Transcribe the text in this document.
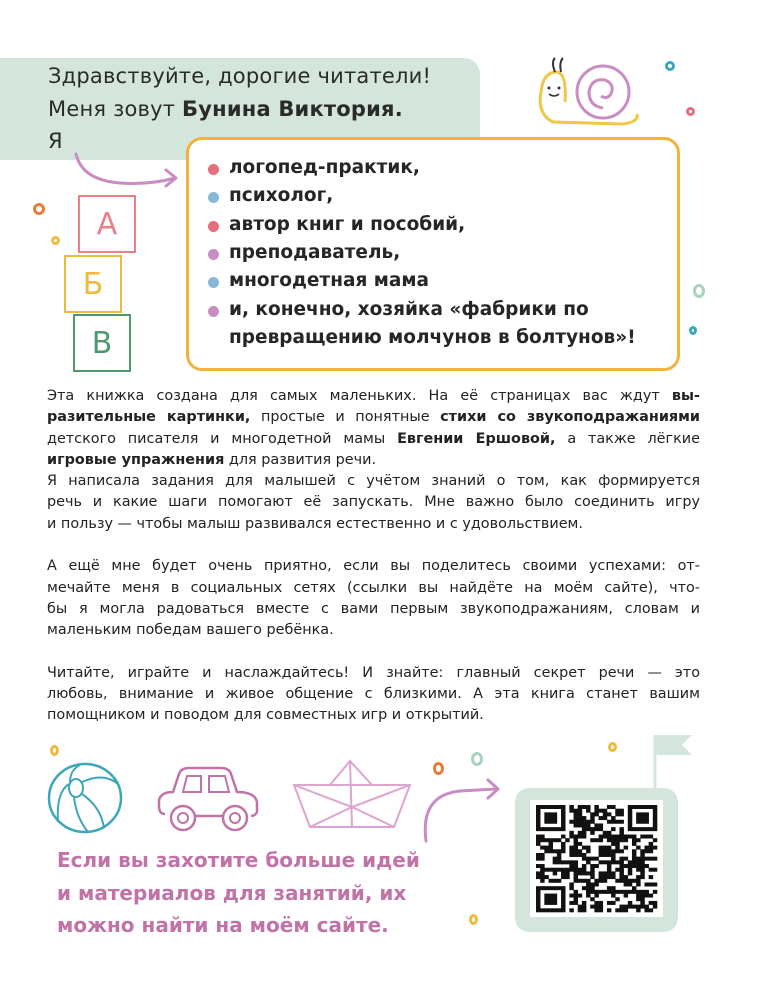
Здравствуйте, дорогие читатели!
Меня зовут Бунина Виктория.
Я
А
Б
В
логопед-практик,
психолог,
автор книг и пособий,
преподаватель,
многодетная мама
и, конечно, хозяйка «фабрики по
превращению молчунов в болтунов»!
Эта книжка создана для самых маленьких. На её страницах вас ждут вы-
разительные картинки, простые и понятные стихи со звукоподражаниями
детского писателя и многодетной мамы Евгении Ершовой, а также лёгкие
игровые упражнения для развития речи.
Я написала задания для малышей с учётом знаний о том, как формируется
речь и какие шаги помогают её запускать. Мне важно было соединить игру
и пользу — чтобы малыш развивался естественно и с удовольствием.
А ещё мне будет очень приятно, если вы поделитесь своими успехами: от-
мечайте меня в социальных сетях (ссылки вы найдёте на моём сайте), что-
бы я могла радоваться вместе с вами первым звукоподражаниям, словам и
маленьким победам вашего ребёнка.
Читайте, играйте и наслаждайтесь! И знайте: главный секрет речи — это
любовь, внимание и живое общение с близкими. А эта книга станет вашим
помощником и поводом для совместных игр и открытий.
Если вы захотите больше идей
и материалов для занятий, их
можно найти на моём сайте.
